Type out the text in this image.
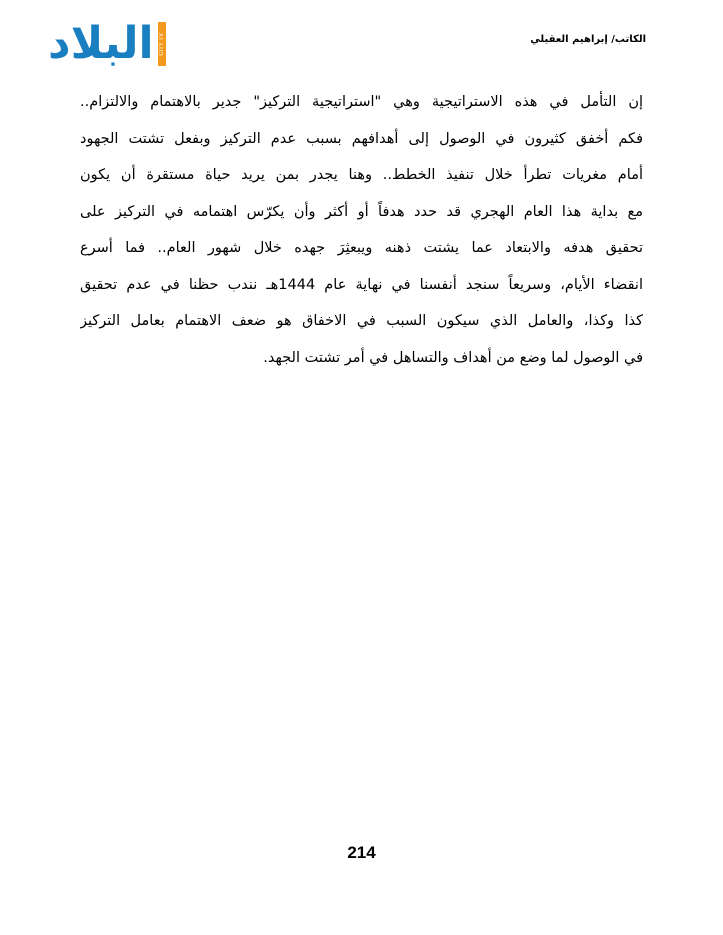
البلاد CITY TV	الكاتب/ إبراهيم العقيلي
إن التأمل في هذه الاستراتيجية وهي "استراتيجية التركيز" جدير بالاهتمام والالتزام..
فكم أخفق كثيرون في الوصول إلى أهدافهم بسبب عدم التركيز وبفعل تشتت الجهود
أمام مغريات تطرأ خلال تنفيذ الخطط.. وهنا يجدر بمن يريد حياة مستقرة أن يكون
مع بداية هذا العام الهجري قد حدد هدفاً أو أكثر وأن يكرّس اهتمامه في التركيز على
تحقيق هدفه والابتعاد عما يشتت ذهنه ويبعثِرَ جهده خلال شهور العام.. فما أسرع
انقضاء الأيام، وسريعاً سنجد أنفسنا في نهاية عام 1444هـ نندب حظنا في عدم تحقيق
كذا وكذا، والعامل الذي سيكون السبب في الاخفاق هو ضعف الاهتمام بعامل التركيز
في الوصول لما وضع من أهداف والتساهل في أمر تشتت الجهد.
214
